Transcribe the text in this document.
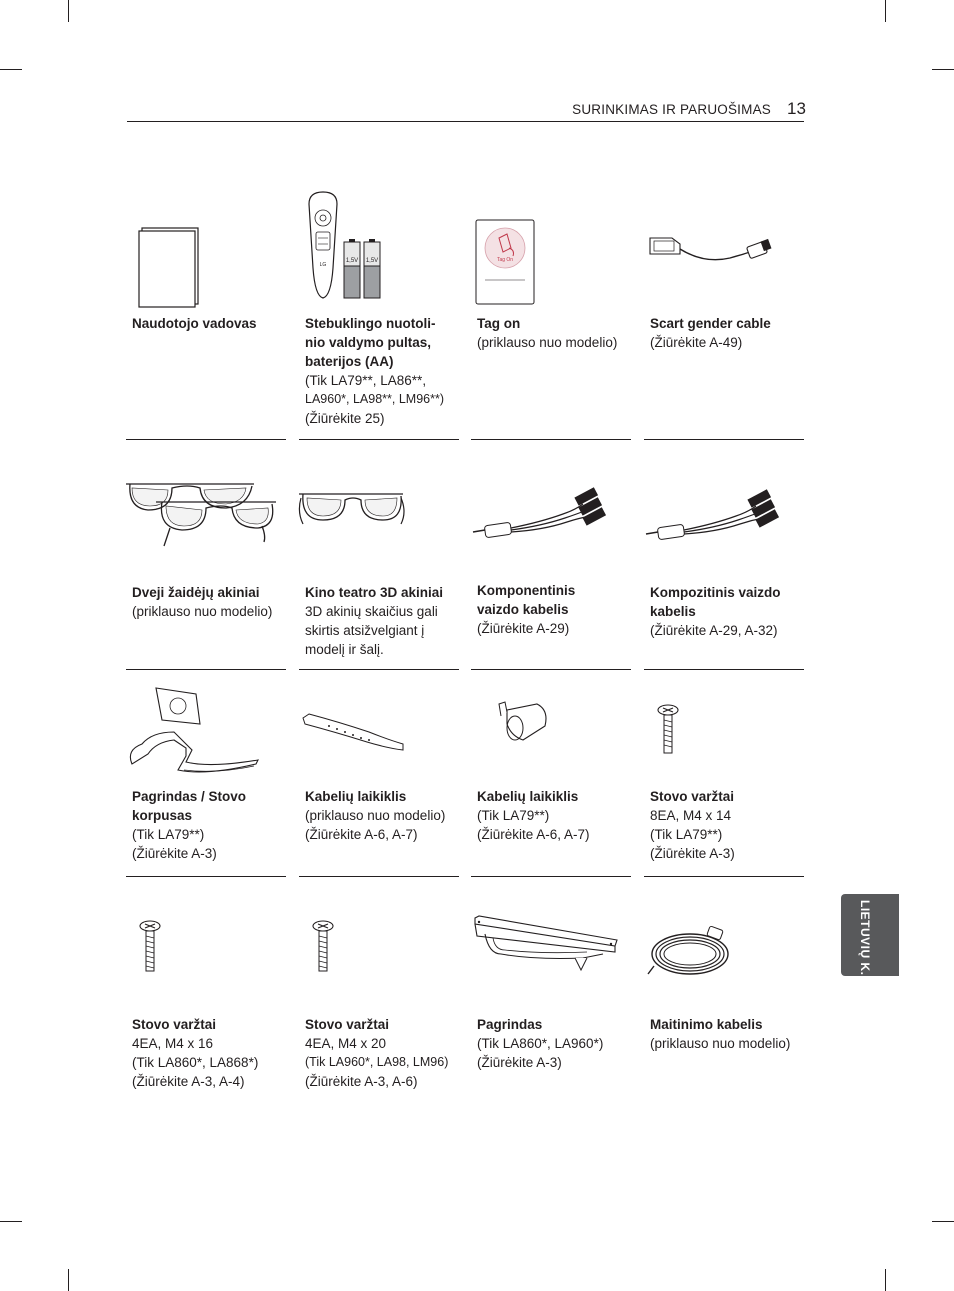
SURINKIMAS IR PARUOŠIMAS 13
LIETUVIŲ K.
Naudotojo vadovas
LG
1,5V 1,5V
Stebuklingo nuotoli-
nio valdymo pultas,
baterijos (AA)
(Tik LA79**, LA86**,
LA960*, LA98**, LM96**)
(Žiūrėkite 25)
Tag On
Tag on
(priklauso nuo modelio)
Scart gender cable
(Žiūrėkite A-49)
Dveji žaidėjų akiniai
(priklauso nuo modelio)
Kino teatro 3D akiniai
3D akinių skaičius gali
skirtis atsižvelgiant į
modelį ir šalį.
Komponentinis
vaizdo kabelis
(Žiūrėkite A-29)
Kompozitinis vaizdo
kabelis
(Žiūrėkite A-29, A-32)
Pagrindas / Stovo
korpusas
(Tik LA79**)
(Žiūrėkite A-3)
Kabelių laikiklis
(priklauso nuo modelio)
(Žiūrėkite A-6, A-7)
Kabelių laikiklis
(Tik LA79**)
(Žiūrėkite A-6, A-7)
Stovo varžtai
8EA, M4 x 14
(Tik LA79**)
(Žiūrėkite A-3)
Stovo varžtai
4EA, M4 x 16
(Tik LA860*, LA868*)
(Žiūrėkite A-3, A-4)
Stovo varžtai
4EA, M4 x 20
(Tik LA960*, LA98, LM96)
(Žiūrėkite A-3, A-6)
Pagrindas
(Tik LA860*, LA960*)
(Žiūrėkite A-3)
Maitinimo kabelis
(priklauso nuo modelio)
